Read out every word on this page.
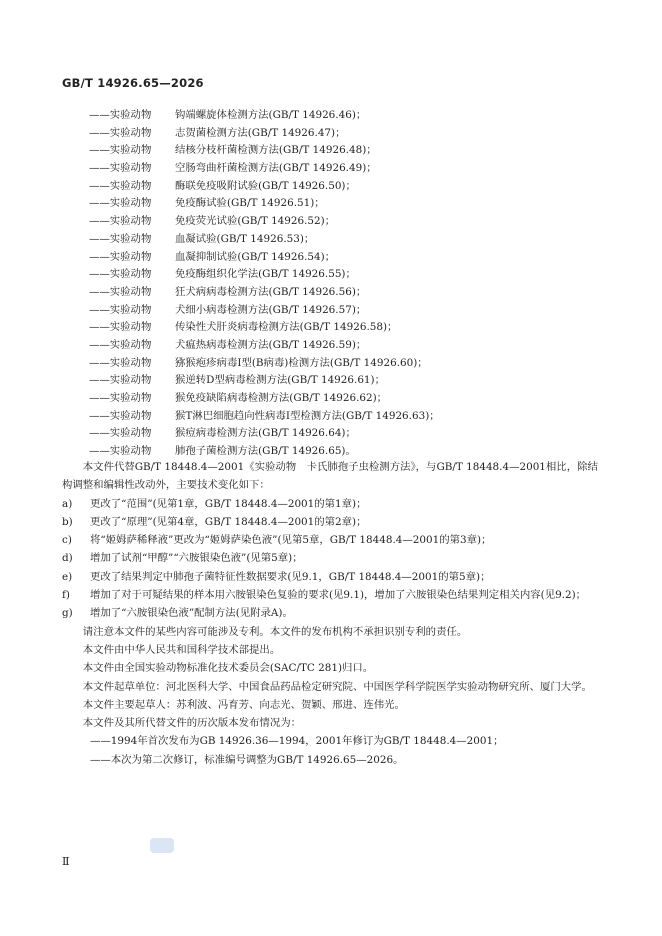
GB/T 14926.65—2026
——实验动物 钩端螺旋体检测方法(GB/T 14926.46)；
——实验动物 志贺菌检测方法(GB/T 14926.47)；
——实验动物 结核分枝杆菌检测方法(GB/T 14926.48)；
——实验动物 空肠弯曲杆菌检测方法(GB/T 14926.49)；
——实验动物 酶联免疫吸附试验(GB/T 14926.50)；
——实验动物 免疫酶试验(GB/T 14926.51)；
——实验动物 免疫荧光试验(GB/T 14926.52)；
——实验动物 血凝试验(GB/T 14926.53)；
——实验动物 血凝抑制试验(GB/T 14926.54)；
——实验动物 免疫酶组织化学法(GB/T 14926.55)；
——实验动物 狂犬病病毒检测方法(GB/T 14926.56)；
——实验动物 犬细小病毒检测方法(GB/T 14926.57)；
——实验动物 传染性犬肝炎病毒检测方法(GB/T 14926.58)；
——实验动物 犬瘟热病毒检测方法(GB/T 14926.59)；
——实验动物 猕猴疱疹病毒Ⅰ型(B病毒)检测方法(GB/T 14926.60)；
——实验动物 猴逆转D型病毒检测方法(GB/T 14926.61)；
——实验动物 猴免疫缺陷病毒检测方法(GB/T 14926.62)；
——实验动物 猴T淋巴细胞趋向性病毒Ⅰ型检测方法(GB/T 14926.63)；
——实验动物 猴痘病毒检测方法(GB/T 14926.64)；
——实验动物 肺孢子菌检测方法(GB/T 14926.65)。

本文件代替GB/T 18448.4—2001《实验动物　卡氏肺孢子虫检测方法》，与GB/T 18448.4—2001相比，除结构调整和编辑性改动外，主要技术变化如下：

a)	更改了“范围”(见第1章，GB/T 18448.4—2001的第1章)；
b)	更改了“原理”(见第4章，GB/T 18448.4—2001的第2章)；
c)	将“姬姆萨稀释液”更改为“姬姆萨染色液”(见第5章，GB/T 18448.4—2001的第3章)；
d)	增加了试剂“甲醇”“六胺银染色液”(见第5章)；
e)	更改了结果判定中肺孢子菌特征性数据要求(见9.1，GB/T 18448.4—2001的第5章)；
f)	增加了对于可疑结果的样本用六胺银染色复验的要求(见9.1)，增加了六胺银染色结果判定相关内容(见9.2)；
g)	增加了“六胺银染色液”配制方法(见附录A)。

请注意本文件的某些内容可能涉及专利。本文件的发布机构不承担识别专利的责任。

本文件由中华人民共和国科学技术部提出。

本文件由全国实验动物标准化技术委员会(SAC/TC 281)归口。

本文件起草单位：河北医科大学、中国食品药品检定研究院、中国医学科学院医学实验动物研究所、厦门大学。

本文件主要起草人：苏利波、冯育芳、向志光、贺颖、邢进、连伟光。

本文件及其所代替文件的历次版本发布情况为：

——1994年首次发布为GB 14926.36—1994，2001年修订为GB/T 18448.4—2001；
——本次为第二次修订，标准编号调整为GB/T 14926.65—2026。
Ⅱ
